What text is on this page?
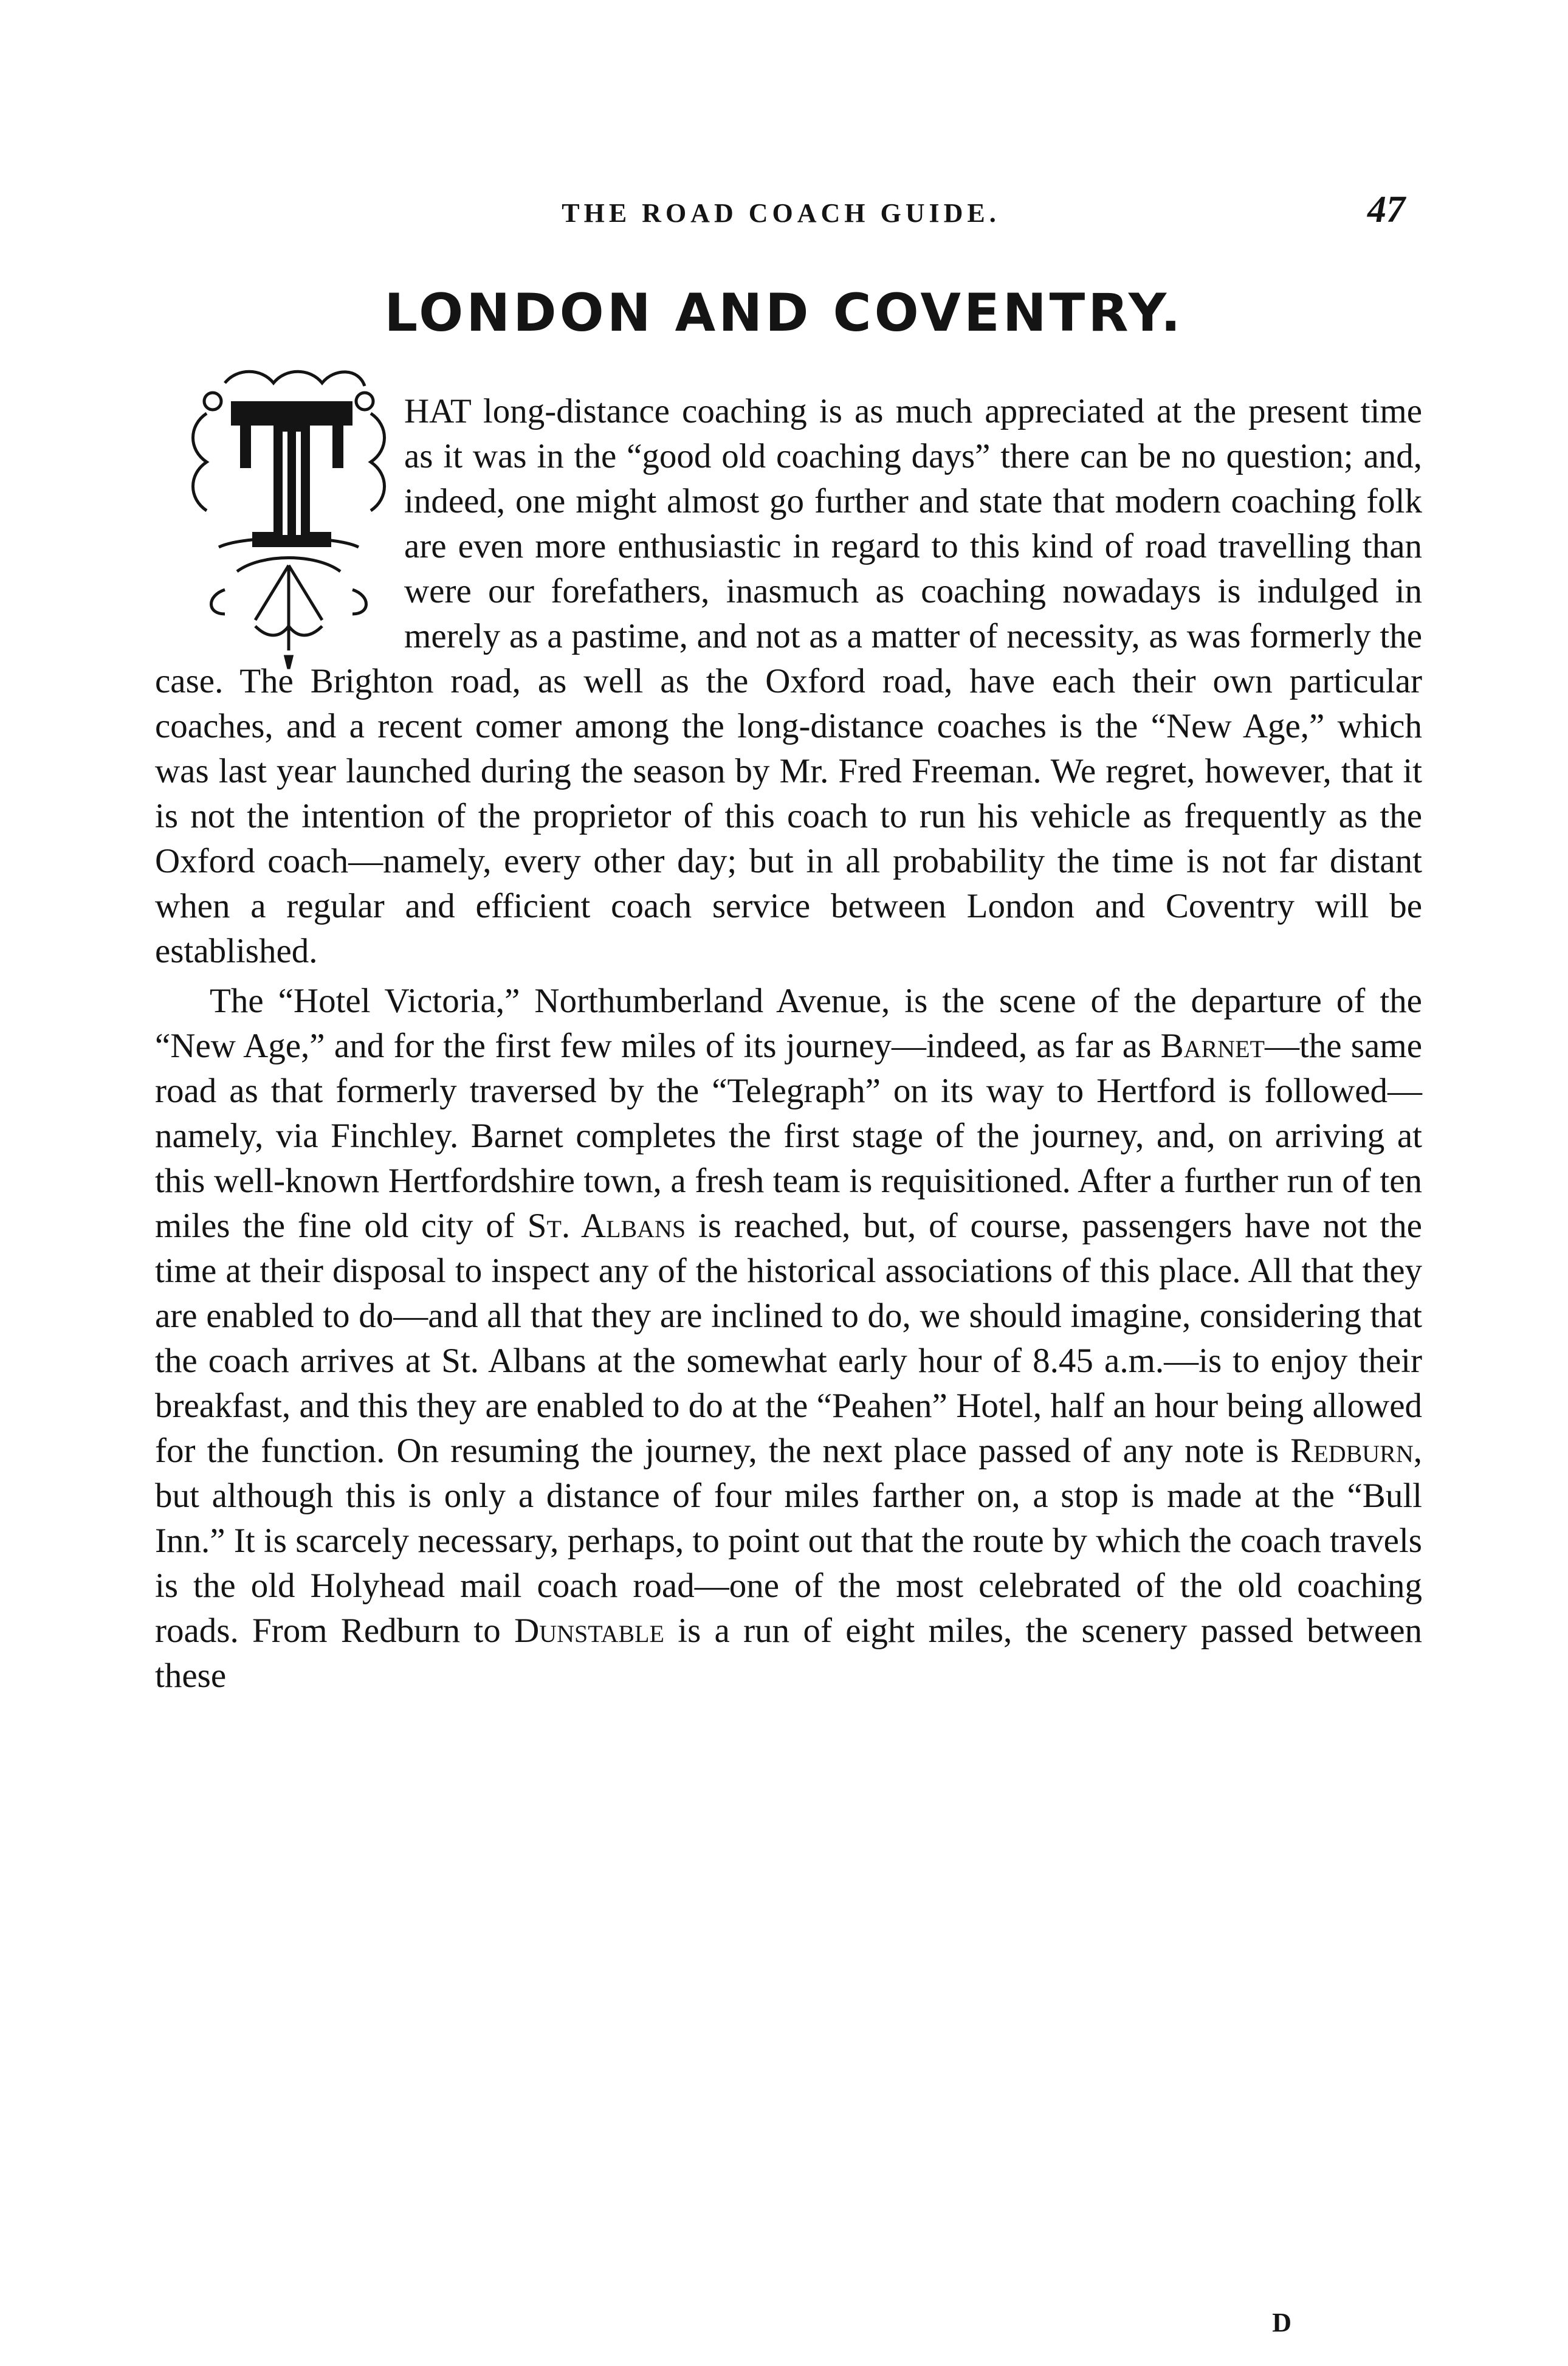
THE ROAD COACH GUIDE.	47
LONDON AND COVENTRY.

HAT long-distance coaching is as much appreciated at the present time as it was in the “good old coaching days” there can be no question; and, indeed, one might almost go further and state that modern coaching folk are even more enthusiastic in regard to this kind of road travelling than were our forefathers, inasmuch as coaching nowadays is indulged in merely as a pastime, and not as a matter of necessity, as was formerly the case. The Brighton road, as well as the Oxford road, have each their own particular coaches, and a recent comer among the long-distance coaches is the “New Age,” which was last year launched during the season by Mr. Fred Freeman. We regret, however, that it is not the intention of the proprietor of this coach to run his vehicle as frequently as the Oxford coach—namely, every other day; but in all probability the time is not far distant when a regular and efficient coach service between London and Coventry will be established.

The “Hotel Victoria,” Northumberland Avenue, is the scene of the departure of the “New Age,” and for the first few miles of its journey—indeed, as far as Barnet—the same road as that formerly traversed by the “Telegraph” on its way to Hertford is followed—namely, via Finchley. Barnet completes the first stage of the journey, and, on arriving at this well-known Hertfordshire town, a fresh team is requisitioned. After a further run of ten miles the fine old city of St. Albans is reached, but, of course, passengers have not the time at their disposal to inspect any of the historical associations of this place. All that they are enabled to do—and all that they are inclined to do, we should imagine, considering that the coach arrives at St. Albans at the somewhat early hour of 8.45 a.m.—is to enjoy their breakfast, and this they are enabled to do at the “Peahen” Hotel, half an hour being allowed for the function. On resuming the journey, the next place passed of any note is Redburn, but although this is only a distance of four miles farther on, a stop is made at the “Bull Inn.” It is scarcely necessary, perhaps, to point out that the route by which the coach travels is the old Holyhead mail coach road—one of the most celebrated of the old coaching roads. From Redburn to Dunstable is a run of eight miles, the scenery passed between these

D
